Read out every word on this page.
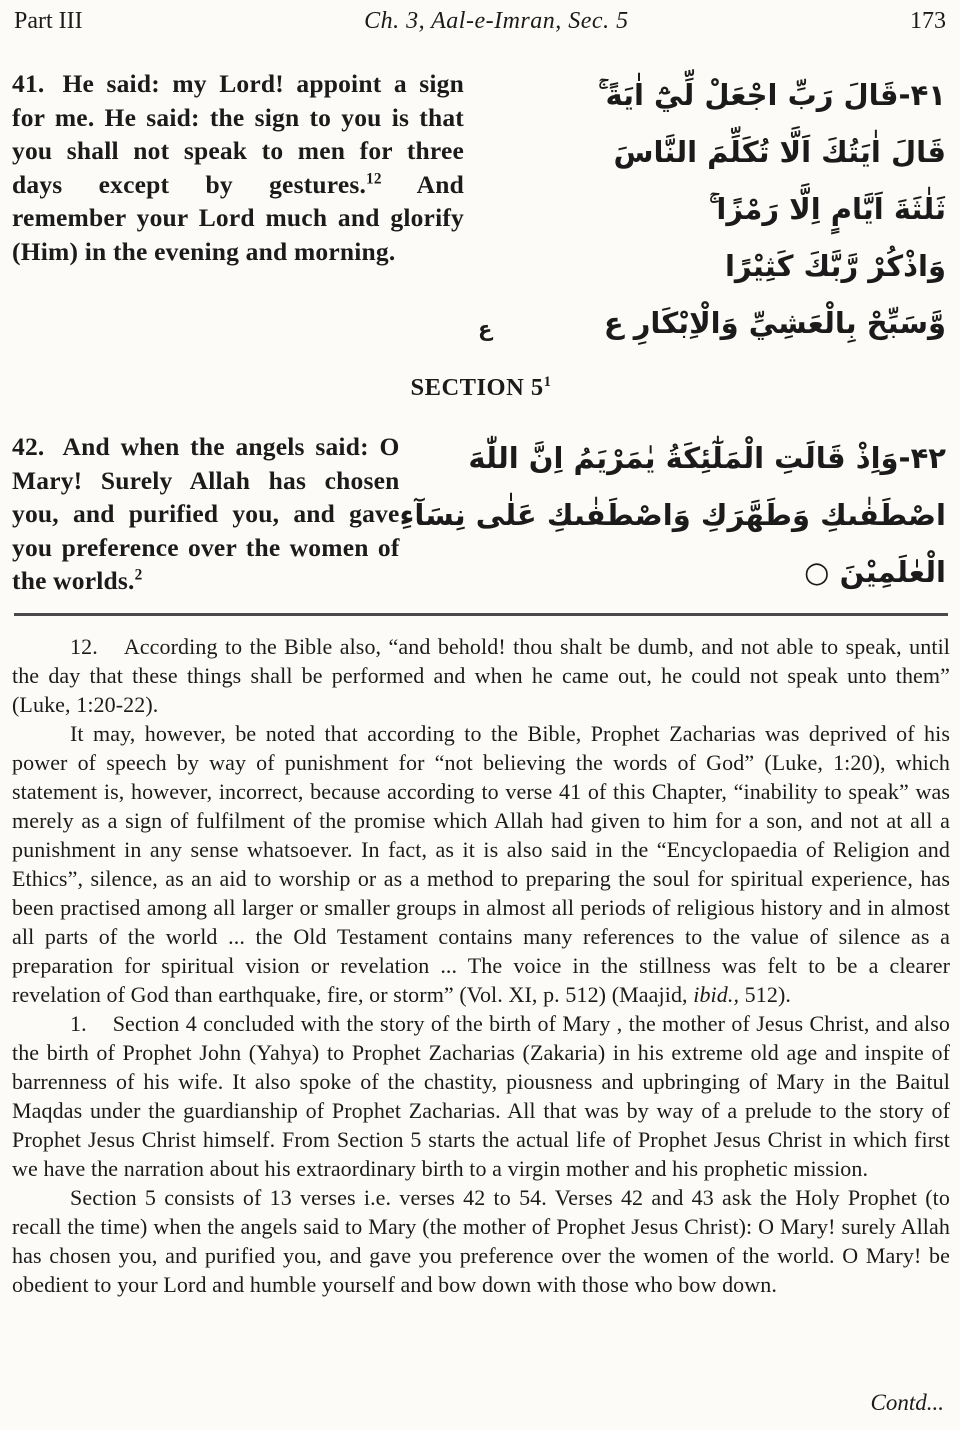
Part III	Ch. 3, Aal-e-Imran, Sec. 5	173
41. He said: my Lord! appoint a sign for me. He said: the sign to you is that you shall not speak to men for three days except by gestures.$^{12}$ And remember your Lord much and glorify (Him) in the evening and morning.
۴۱-قَالَ رَبِّ اجْعَلْ لِّيْٓ اٰيَةً ۚ
قَالَ اٰيَتُكَ اَلَّا تُكَلِّمَ النَّاسَ
ثَلٰثَةَ اَيَّامٍ اِلَّا رَمْزًا ۚ
وَاذْكُرْ رَّبَّكَ كَثِيْرًا
وَّسَبِّحْ بِالْعَشِيِّ وَالْاِبْكَارِ ع
ع
SECTION $5^1$
42. And when the angels said: O Mary! Surely Allah has chosen you, and purified you, and gave you preference over the women of the worlds.$^2$
۴۲-وَاِذْ قَالَتِ الْمَلٰٓئِكَةُ يٰمَرْيَمُ اِنَّ اللّٰهَ
اصْطَفٰىكِ وَطَهَّرَكِ وَاصْطَفٰىكِ عَلٰى نِسَآءِ
الْعٰلَمِيْنَ ○

12. According to the Bible also, “and behold! thou shalt be dumb, and not able to speak, until the day that these things shall be performed and when he came out, he could not speak unto them” (Luke, 1:20-22).

It may, however, be noted that according to the Bible, Prophet Zacharias was deprived of his power of speech by way of punishment for “not believing the words of God” (Luke, 1:20), which statement is, however, incorrect, because according to verse 41 of this Chapter, “inability to speak” was merely as a sign of fulfilment of the promise which Allah had given to him for a son, and not at all a punishment in any sense whatsoever. In fact, as it is also said in the “Encyclopaedia of Religion and Ethics”, silence, as an aid to worship or as a method to preparing the soul for spiritual experience, has been practised among all larger or smaller groups in almost all periods of religious history and in almost all parts of the world ... the Old Testament contains many references to the value of silence as a preparation for spiritual vision or revelation ... The voice in the stillness was felt to be a clearer revelation of God than earthquake, fire, or storm” (Vol. XI, p. 512) (Maajid, ibid., 512).

1. Section 4 concluded with the story of the birth of Mary , the mother of Jesus Christ, and also the birth of Prophet John (Yahya) to Prophet Zacharias (Zakaria) in his extreme old age and inspite of barrenness of his wife. It also spoke of the chastity, piousness and upbringing of Mary in the Baitul Maqdas under the guardianship of Prophet Zacharias. All that was by way of a prelude to the story of Prophet Jesus Christ himself. From Section 5 starts the actual life of Prophet Jesus Christ in which first we have the narration about his extraordinary birth to a virgin mother and his prophetic mission.

Section 5 consists of 13 verses i.e. verses 42 to 54. Verses 42 and 43 ask the Holy Prophet (to recall the time) when the angels said to Mary (the mother of Prophet Jesus Christ): O Mary! surely Allah has chosen you, and purified you, and gave you preference over the women of the world. O Mary! be obedient to your Lord and humble yourself and bow down with those who bow down.

Contd...
